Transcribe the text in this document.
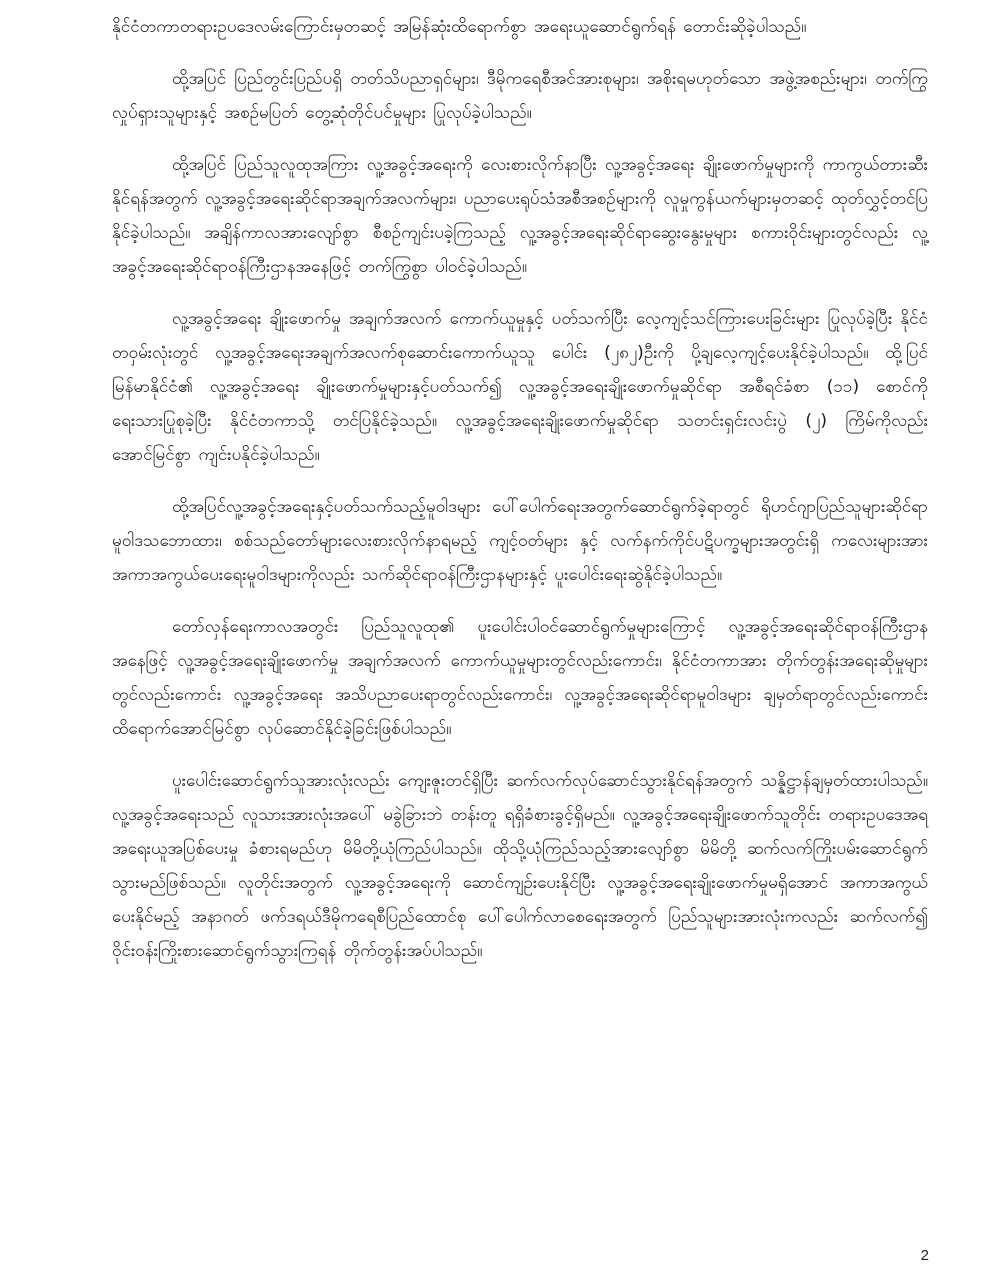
နိုင်ငံတကာတရားဥပဒေလမ်းကြောင်းမှတဆင့် အမြန်ဆုံးထိရောက်စွာ အရေးယူဆောင်ရွက်ရန် တောင်းဆိုခဲ့ပါသည်။

ထို့အပြင် ပြည်တွင်းပြည်ပရှိ တတ်သိပညာရှင်များ၊ ဒီမိုကရေစီအင်အားစုများ၊ အစိုးရမဟုတ်သော အဖွဲ့အစည်းများ၊ တက်ကြွလှုပ်ရှားသူများနှင့် အစဉ်မပြတ် တွေ့ဆုံတိုင်ပင်မှုများ ပြုလုပ်ခဲ့ပါသည်။

ထို့အပြင် ပြည်သူလူထုအကြား လူ့အခွင့်အရေးကို လေးစားလိုက်နာပြီး လူ့အခွင့်အရေး ချိုးဖောက်မှုများကို ကာကွယ်တားဆီးနိုင်ရန်အတွက် လူ့အခွင့်အရေးဆိုင်ရာအချက်အလက်များ၊ ပညာပေးရုပ်သံအစီအစဉ်များကို လူမှုကွန်ယက်များမှတဆင့် ထုတ်လွှင့်တင်ပြနိုင်ခဲ့ပါသည်။ အချိန်ကာလအားလျော်စွာ စီစဉ်ကျင်းပခဲ့ကြသည့် လူ့အခွင့်အရေးဆိုင်ရာဆွေးနွေးမှုများ စကားဝိုင်းများတွင်လည်း လူ့အခွင့်အရေးဆိုင်ရာဝန်ကြီးဌာနအနေဖြင့် တက်ကြွစွာ ပါဝင်ခဲ့ပါသည်။

လူ့အခွင့်အရေး ချိုးဖောက်မှု အချက်အလက် ကောက်ယူမှုနှင့် ပတ်သက်ပြီး လေ့ကျင့်သင်ကြားပေးခြင်းများ ပြုလုပ်ခဲ့ပြီး နိုင်ငံတဝှမ်းလုံးတွင် လူ့အခွင့်အရေးအချက်အလက်စုဆောင်းကောက်ယူသူ ပေါင်း (၂၈၂)ဦးကို ပို့ချလေ့ကျင့်ပေးနိုင်ခဲ့ပါသည်။ ထို့ပြင် မြန်မာနိုင်ငံ၏ လူ့အခွင့်အရေး ချိုးဖောက်မှုများနှင့်ပတ်သက်၍ လူ့အခွင့်အရေးချိုးဖောက်မှုဆိုင်ရာ အစီရင်ခံစာ (၁၁) စောင်ကို ရေးသားပြုစုခဲ့ပြီး နိုင်ငံတကာသို့ တင်ပြနိုင်ခဲ့သည်။ လူ့အခွင့်အရေးချိုးဖောက်မှုဆိုင်ရာ သတင်းရှင်းလင်းပွဲ (၂) ကြိမ်ကိုလည်း အောင်မြင်စွာ ကျင်းပနိုင်ခဲ့ပါသည်။

ထို့အပြင်လူ့အခွင့်အရေးနှင့်ပတ်သက်သည့်မူဝါဒများ ပေါ်ပေါက်ရေးအတွက်ဆောင်ရွက်ခဲ့ရာတွင် ရိုဟင်ဂျာပြည်သူများဆိုင်ရာ မူဝါဒသဘောထား၊ စစ်သည်တော်များလေးစားလိုက်နာရမည့် ကျင့်ဝတ်များ နှင့် လက်နက်ကိုင်ပဋိပက္ခများအတွင်းရှိ ကလေးများအား အကာအကွယ်ပေးရေးမူဝါဒများကိုလည်း သက်ဆိုင်ရာဝန်ကြီးဌာနများနှင့် ပူးပေါင်းရေးဆွဲနိုင်ခဲ့ပါသည်။

တော်လှန်ရေးကာလအတွင်း ပြည်သူလူထု၏ ပူးပေါင်းပါဝင်ဆောင်ရွက်မှုများကြောင့် လူ့အခွင့်အရေးဆိုင်ရာဝန်ကြီးဌာနအနေဖြင့် လူ့အခွင့်အရေးချိုးဖောက်မှု အချက်အလက် ကောက်ယူမှုများတွင်လည်းကောင်း၊ နိုင်ငံတကာအား တိုက်တွန်းအရေးဆိုမှုများတွင်လည်းကောင်း လူ့အခွင့်အရေး အသိပညာပေးရာတွင်လည်းကောင်း၊ လူ့အခွင့်အရေးဆိုင်ရာမူဝါဒများ ချမှတ်ရာတွင်လည်းကောင်း ထိရောက်အောင်မြင်စွာ လုပ်ဆောင်နိုင်ခဲ့ခြင်းဖြစ်ပါသည်။

ပူးပေါင်းဆောင်ရွက်သူအားလုံးလည်း ကျေးဇူးတင်ရှိပြီး ဆက်လက်လုပ်ဆောင်သွားနိုင်ရန်အတွက် သန္နိဋ္ဌာန်ချမှတ်ထားပါသည်။ လူ့အခွင့်အရေးသည် လူသားအားလုံးအပေါ် မခွဲခြားဘဲ တန်းတူ ရရှိခံစားခွင့်ရှိမည်။ လူ့အခွင့်အရေးချိုးဖောက်သူတိုင်း တရားဥပဒေအရ အရေးယူအပြစ်ပေးမှု ခံစားရမည်ဟု မိမိတို့ယုံကြည်ပါသည်။ ထိုသို့ယုံကြည်သည့်အားလျော်စွာ မိမိတို့ ဆက်လက်ကြိုးပမ်းဆောင်ရွက်သွားမည်ဖြစ်သည်။ လူတိုင်းအတွက် လူ့အခွင့်အရေးကို ဆောင်ကျဉ်းပေးနိုင်ပြီး လူ့အခွင့်အရေးချိုးဖောက်မှုမရှိအောင် အကာအကွယ်ပေးနိုင်မည့် အနာဂတ် ဖက်ဒရယ်ဒီမိုကရေစီပြည်ထောင်စု ပေါ်ပေါက်လာစေရေးအတွက် ပြည်သူများအားလုံးကလည်း ဆက်လက်၍ ဝိုင်းဝန်းကြိုးစားဆောင်ရွက်သွားကြရန် တိုက်တွန်းအပ်ပါသည်။

2
